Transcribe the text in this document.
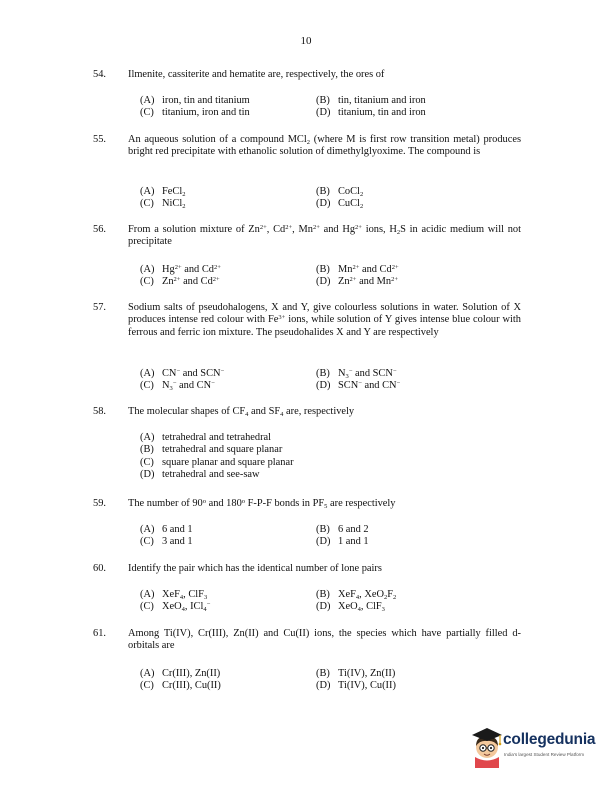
10
54.	Ilmenite, cassiterite and hematite are, respectively, the ores of
(A) iron, tin and titanium	(B) tin, titanium and iron
(C) titanium, iron and tin	(D) titanium, tin and iron
55.	An aqueous solution of a compound MCl$_2$ (where M is first row transition metal) produces bright red precipitate with ethanolic solution of dimethylglyoxime. The compound is
(A) FeCl$_2$	(B) CoCl$_2$
(C) NiCl$_2$	(D) CuCl$_2$
56.	From a solution mixture of $Zn^{2+}$, $Cd^{2+}$, $Mn^{2+}$ and $Hg^{2+}$ ions, $H_2S$ in acidic medium will not precipitate
(A) $Hg^{2+}$ and $Cd^{2+}$	(B) $Mn^{2+}$ and $Cd^{2+}$
(C) $Zn^{2+}$ and $Cd^{2+}$	(D) $Zn^{2+}$ and $Mn^{2+}$
57.	Sodium salts of pseudohalogens, X and Y, give colourless solutions in water. Solution of X produces intense red colour with $Fe^{3+}$ ions, while solution of Y gives intense blue colour with ferrous and ferric ion mixture. The pseudohalides X and Y are respectively
(A) CN− and SCN−	(B) $N_3^-$ and SCN−
(C) $N_3^-$ and CN−	(D) SCN− and CN−
58.	The molecular shapes of $CF_4$ and $SF_4$ are, respectively
(A) tetrahedral and tetrahedral
(B) tetrahedral and square planar
(C) square planar and square planar
(D) tetrahedral and see-saw
59.	The number of 90$^o$ and 180$^o$ F-P-F bonds in $PF_5$ are respectively
(A) 6 and 1	(B) 6 and 2
(C) 3 and 1	(D) 1 and 1
60.	Identify the pair which has the identical number of lone pairs
(A) XeF$_4$, ClF$_3$	(B) XeF$_4$, $XeO_2F_2$
(C) XeO$_4$, ICl$_4$−	(D) XeO$_4$, ClF$_3$
61.	Among Ti(IV), Cr(III), Zn(II) and Cu(II) ions, the species which have partially filled d-orbitals are
(A) Cr(III), Zn(II)	(B) Ti(IV), Zn(II)
(C) Cr(III), Cu(II)	(D) Ti(IV), Cu(II)
collegedunia
India's largest Student Review Platform
